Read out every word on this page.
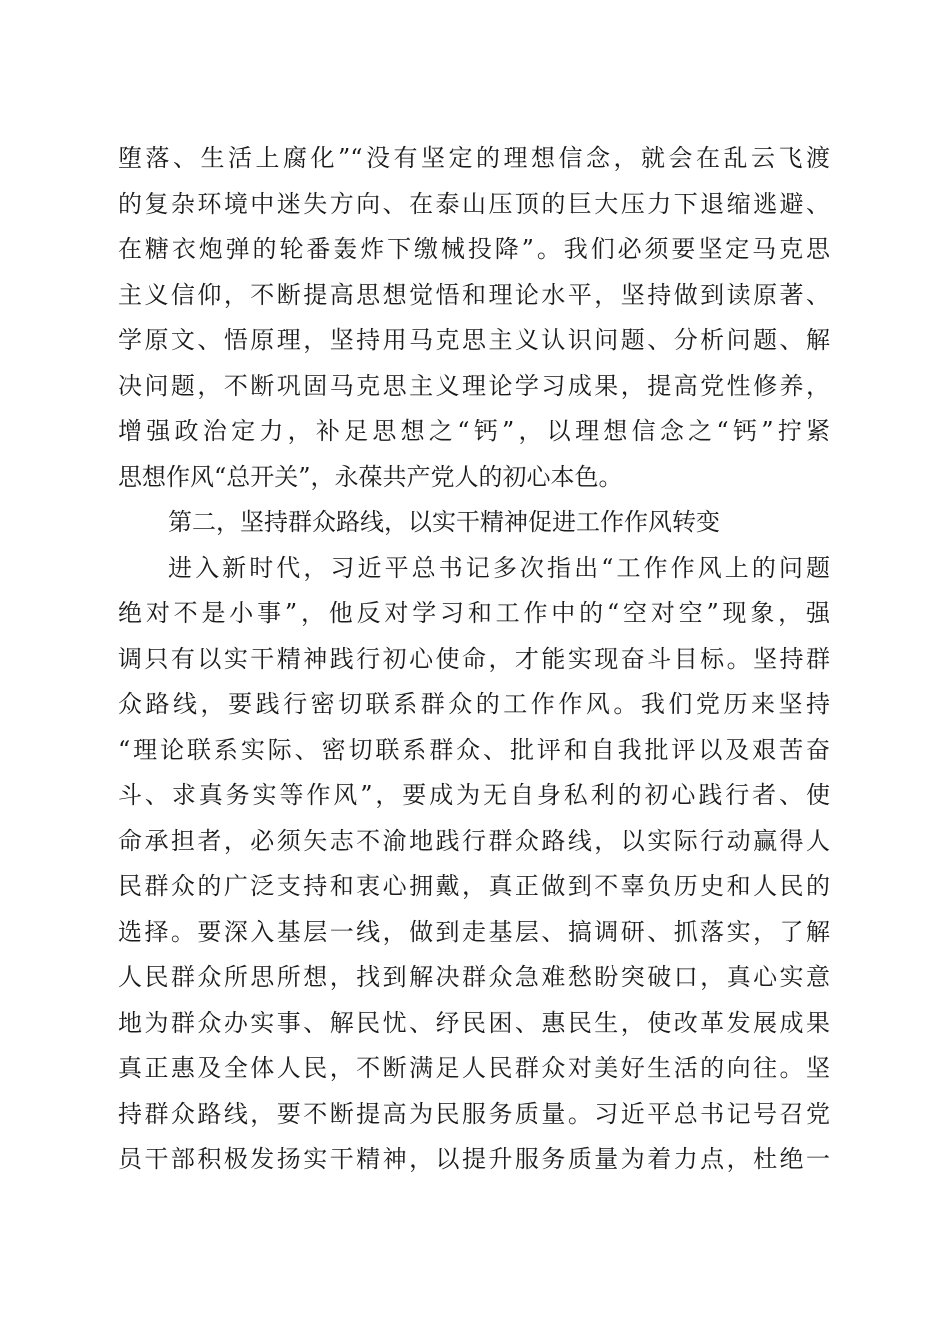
堕落、生活上腐化”“没有坚定的理想信念，就会在乱云飞渡
的复杂环境中迷失方向、在泰山压顶的巨大压力下退缩逃避、
在糖衣炮弹的轮番轰炸下缴械投降”。我们必须要坚定马克思
主义信仰，不断提高思想觉悟和理论水平，坚持做到读原著、
学原文、悟原理，坚持用马克思主义认识问题、分析问题、解
决问题，不断巩固马克思主义理论学习成果，提高党性修养，
增强政治定力，补足思想之“钙”，以理想信念之“钙”拧紧
思想作风“总开关”，永葆共产党人的初心本色。
第二，坚持群众路线，以实干精神促进工作作风转变
进入新时代，习近平总书记多次指出“工作作风上的问题
绝对不是小事”，他反对学习和工作中的“空对空”现象，强
调只有以实干精神践行初心使命，才能实现奋斗目标。坚持群
众路线，要践行密切联系群众的工作作风。我们党历来坚持
“理论联系实际、密切联系群众、批评和自我批评以及艰苦奋
斗、求真务实等作风”，要成为无自身私利的初心践行者、使
命承担者，必须矢志不渝地践行群众路线，以实际行动赢得人
民群众的广泛支持和衷心拥戴，真正做到不辜负历史和人民的
选择。要深入基层一线，做到走基层、搞调研、抓落实，了解
人民群众所思所想，找到解决群众急难愁盼突破口，真心实意
地为群众办实事、解民忧、纾民困、惠民生，使改革发展成果
真正惠及全体人民，不断满足人民群众对美好生活的向往。坚
持群众路线，要不断提高为民服务质量。习近平总书记号召党
员干部积极发扬实干精神，以提升服务质量为着力点，杜绝一
